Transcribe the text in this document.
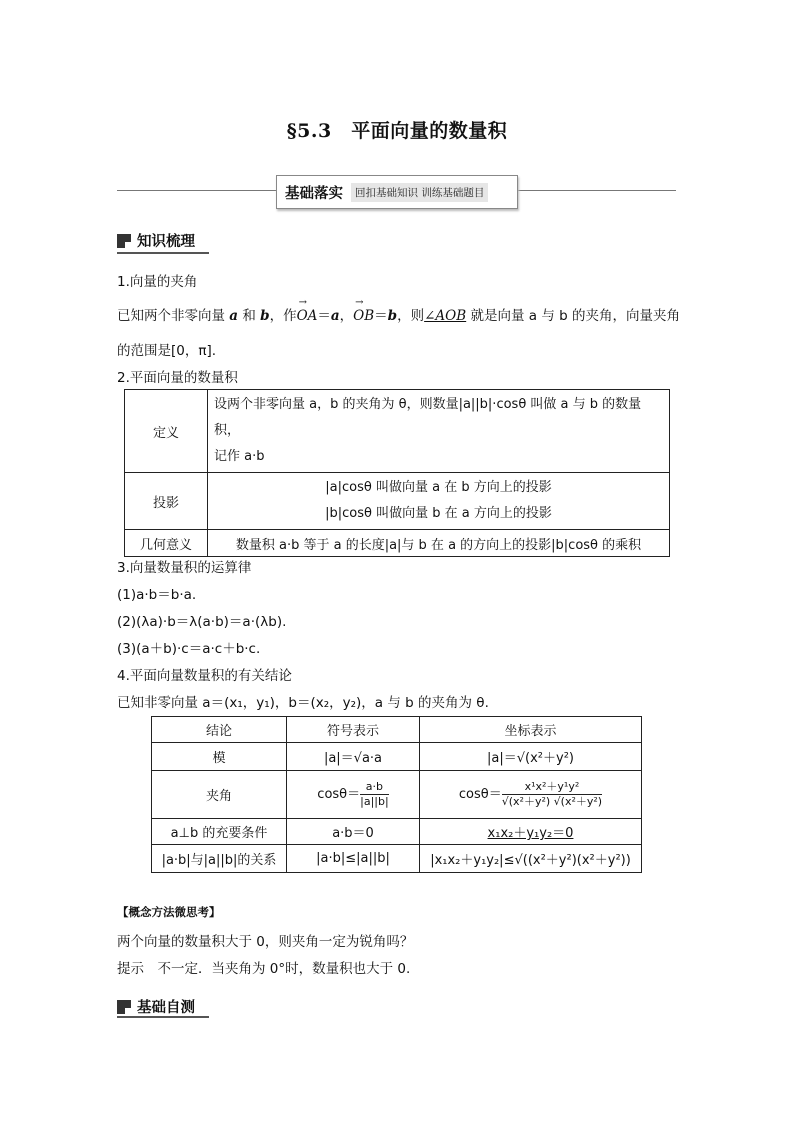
§5.3　平面向量的数量积
基础落实	回扣基础知识 训练基础题目
知识梳理
1.向量的夹角
已知两个非零向量 a 和 b，作→ OA＝a，→ OB＝b，则∠AOB 就是向量 a 与 b 的夹角，向量夹角
的范围是[0，π].
2.平面向量的数量积
定义	设两个非零向量 a，b 的夹角为 θ，则数量|a||b|·cosθ 叫做 a 与 b 的数量积，
记作 a·b

投影	|a|cosθ 叫做向量 a 在 b 方向上的投影
|b|cosθ 叫做向量 b 在 a 方向上的投影

几何意义	数量积 a·b 等于 a 的长度|a|与 b 在 a 的方向上的投影|b|cosθ 的乘积
3.向量数量积的运算律
(1)a·b＝b·a.
(2)(λa)·b＝λ(a·b)＝a·(λb).
(3)(a＋b)·c＝a·c＋b·c.
4.平面向量数量积的有关结论
已知非零向量 a＝(x₁，y₁)，b＝(x₂，y₂)，a 与 b 的夹角为 θ.
结论	符号表示	坐标表示
模	|a|＝√a·a	|a|＝√(x²＋y²)
夹角	$\cos\theta= \frac{a\cdot b}{|a||b|}$	$\cos\theta= \frac{\text{x¹x²＋y¹y²}}{\text{√(x²＋y²) √(x²＋y²)}}$

a⊥b 的充要条件	a·b＝0	x₁x₂＋y₁y₂＝0
|a·b|与|a||b|的关系	|a·b|≤|a||b|	|x₁x₂＋y₁y₂|≤√((x²＋y²)(x²＋y²))
【概念方法微思考】
两个向量的数量积大于 0，则夹角一定为锐角吗？
提示　不一定．当夹角为 0°时，数量积也大于 0.
基础自测
